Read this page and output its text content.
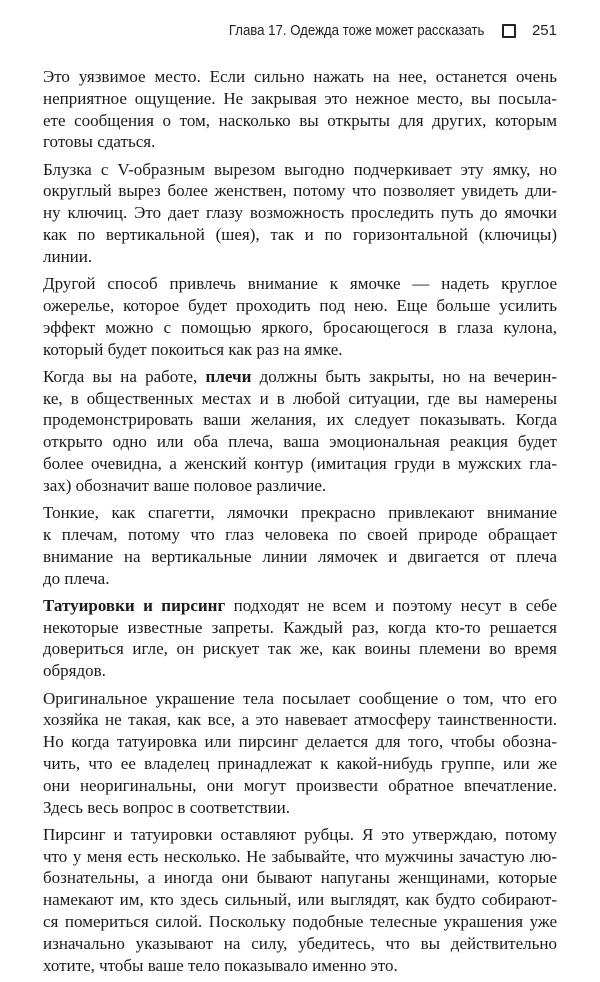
Глава 17. Одежда тоже может рассказать	251
Это уязвимое место. Если сильно нажать на нее, останется очень
неприятное ощущение. Не закрывая это нежное место, вы посыла-
ете сообщения о том, насколько вы открыты для других, которым
готовы сдаться.
Блузка с V-образным вырезом выгодно подчеркивает эту ямку, но
округлый вырез более женствен, потому что позволяет увидеть дли-
ну ключиц. Это дает глазу возможность проследить путь до ямочки
как по вертикальной (шея), так и по горизонтальной (ключицы)
линии.
Другой способ привлечь внимание к ямочке — надеть круглое
ожерелье, которое будет проходить под нею. Еще больше усилить
эффект можно с помощью яркого, бросающегося в глаза кулона,
который будет покоиться как раз на ямке.
Когда вы на работе, плечи должны быть закрыты, но на вечерин-
ке, в общественных местах и в любой ситуации, где вы намерены
продемонстрировать ваши желания, их следует показывать. Когда
открыто одно или оба плеча, ваша эмоциональная реакция будет
более очевидна, а женский контур (имитация груди в мужских гла-
зах) обозначит ваше половое различие.
Тонкие, как спагетти, лямочки прекрасно привлекают внимание
к плечам, потому что глаз человека по своей природе обращает
внимание на вертикальные линии лямочек и двигается от плеча
до плеча.
Татуировки и пирсинг подходят не всем и поэтому несут в себе
некоторые известные запреты. Каждый раз, когда кто-то решается
довериться игле, он рискует так же, как воины племени во время
обрядов.
Оригинальное украшение тела посылает сообщение о том, что его
хозяйка не такая, как все, а это навевает атмосферу таинственности.
Но когда татуировка или пирсинг делается для того, чтобы обозна-
чить, что ее владелец принадлежат к какой-нибудь группе, или же
они неоригинальны, они могут произвести обратное впечатление.
Здесь весь вопрос в соответствии.
Пирсинг и татуировки оставляют рубцы. Я это утверждаю, потому
что у меня есть несколько. Не забывайте, что мужчины зачастую лю-
бознательны, а иногда они бывают напуганы женщинами, которые
намекают им, кто здесь сильный, или выглядят, как будто собирают-
ся помериться силой. Поскольку подобные телесные украшения уже
изначально указывают на силу, убедитесь, что вы действительно
хотите, чтобы ваше тело показывало именно это.
